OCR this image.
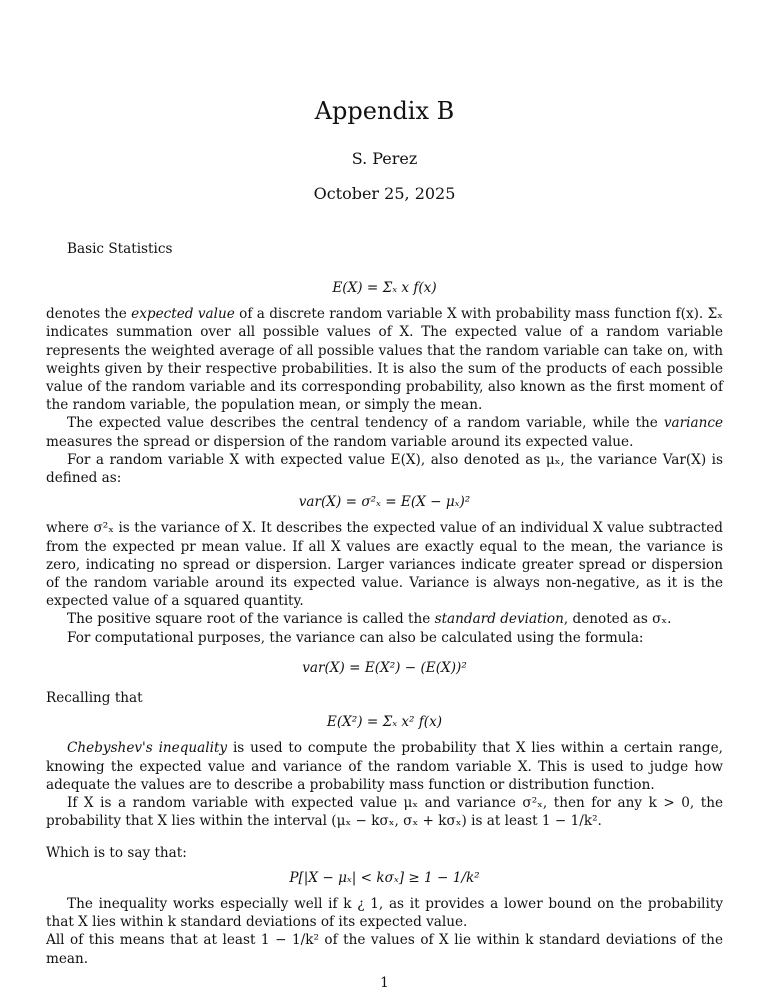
Appendix B
S. Perez
October 25, 2025
Basic Statistics
E(X) = Σₓ x f(x)

denotes the expected value of a discrete random variable X with probability mass function f(x). Σₓ indicates summation over all possible values of X. The expected value of a random variable represents the weighted average of all possible values that the random variable can take on, with weights given by their respective probabilities. It is also the sum of the products of each possible value of the random variable and its corresponding probability, also known as the first moment of the random variable, the population mean, or simply the mean.

The expected value describes the central tendency of a random variable, while the variance measures the spread or dispersion of the random variable around its expected value.

For a random variable X with expected value E(X), also denoted as μₓ, the variance Var(X) is defined as:

var(X) = σ²ₓ = E(X − μₓ)²

where σ²ₓ is the variance of X. It describes the expected value of an individual X value subtracted from the expected pr mean value. If all X values are exactly equal to the mean, the variance is zero, indicating no spread or dispersion. Larger variances indicate greater spread or dispersion of the random variable around its expected value. Variance is always non-negative, as it is the expected value of a squared quantity.

The positive square root of the variance is called the standard deviation, denoted as σₓ.

For computational purposes, the variance can also be calculated using the formula:

var(X) = E(X²) − (E(X))²

Recalling that

E(X²) = Σₓ x² f(x)

Chebyshev's inequality is used to compute the probability that X lies within a certain range, knowing the expected value and variance of the random variable X. This is used to judge how adequate the values are to describe a probability mass function or distribution function.

If X is a random variable with expected value μₓ and variance σ²ₓ, then for any k > 0, the probability that X lies within the interval (μₓ − kσₓ, σₓ + kσₓ) is at least 1 − 1/k².

Which is to say that:

P[|X − μₓ| < kσₓ] ≥ 1 − 1/k²

The inequality works especially well if k ¿ 1, as it provides a lower bound on the probability that X lies within k standard deviations of its expected value.

All of this means that at least 1 − 1/k² of the values of X lie within k standard deviations of the mean.

1
